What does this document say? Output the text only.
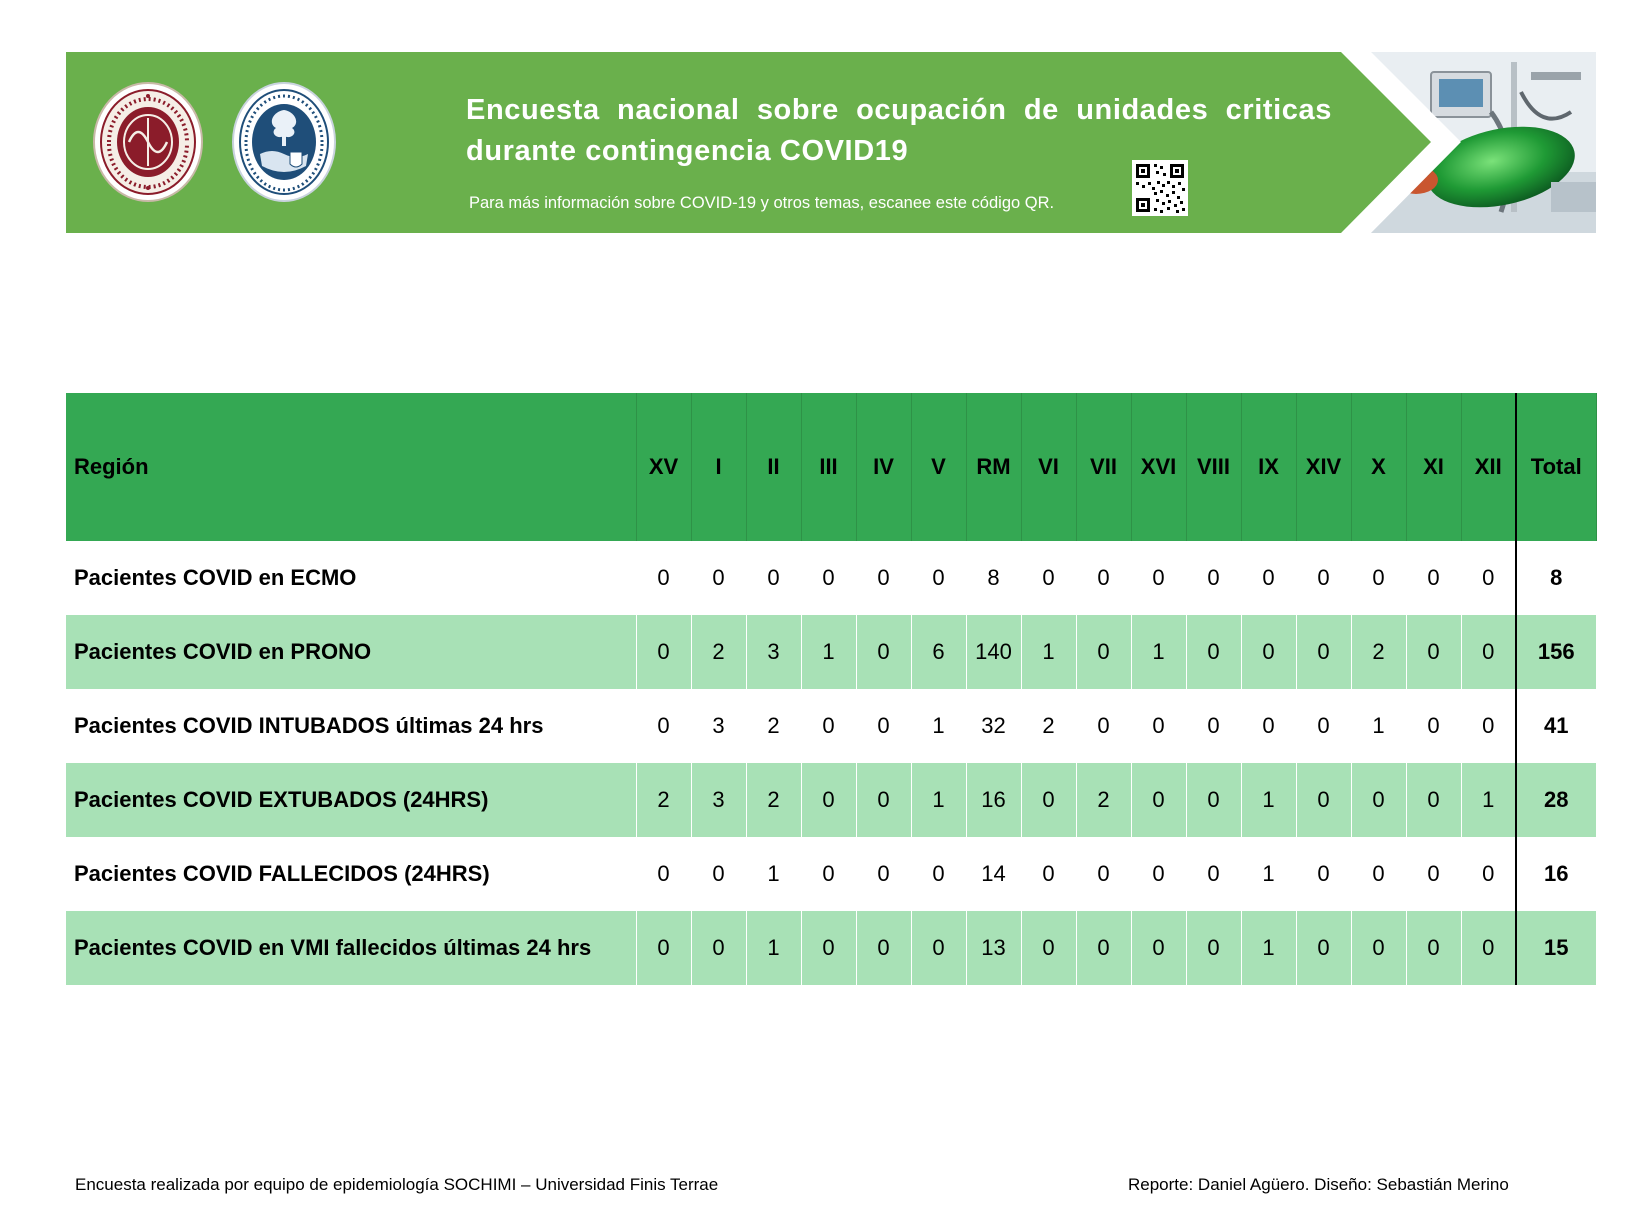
Encuesta nacional sobre ocupación de unidades criticas
durante contingencia COVID19
Para más información sobre COVID-19 y otros temas, escanee este código QR.
Región	XV	I	II	III	IV	V	RM	VI	VII	XVI	VIII	IX	XIV	X	XI	XII	Total
Pacientes COVID en ECMO	0	0	0	0	0	0	8	0	0	0	0	0	0	0	0	0	8
Pacientes COVID en PRONO	0	2	3	1	0	6	140	1	0	1	0	0	0	2	0	0	156
Pacientes COVID INTUBADOS últimas 24 hrs	0	3	2	0	0	1	32	2	0	0	0	0	0	1	0	0	41
Pacientes COVID EXTUBADOS (24HRS)	2	3	2	0	0	1	16	0	2	0	0	1	0	0	0	1	28
Pacientes COVID FALLECIDOS (24HRS)	0	0	1	0	0	0	14	0	0	0	0	1	0	0	0	0	16
Pacientes COVID en VMI fallecidos últimas 24 hrs	0	0	1	0	0	0	13	0	0	0	0	1	0	0	0	0	15
Encuesta realizada por equipo de epidemiología SOCHIMI – Universidad Finis Terrae	Reporte: Daniel Agüero. Diseño: Sebastián Merino
